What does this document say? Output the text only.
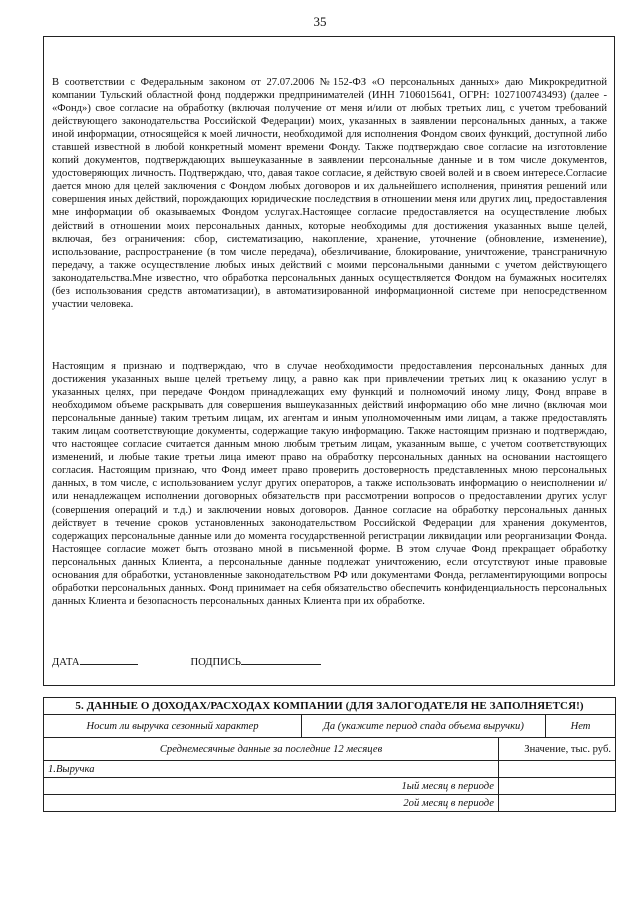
35

В соответствии с Федеральным законом от 27.07.2006 №152-ФЗ «О персональных данных» даю Микрокредитной компании Тульский областной фонд поддержки предпринимателей (ИНН 7106015641, ОГРН: 1027100743493) (далее - «Фонд») свое согласие на обработку (включая получение от меня и/или от любых третьих лиц, с учетом требований действующего законодательства Российской Федерации) моих, указанных в заявлении персональных данных, а также иной информации, относящейся к моей личности, необходимой для исполнения Фондом своих функций, доступной либо ставшей известной в любой конкретный момент времени Фонду. Также подтверждаю свое согласие на изготовление копий документов, подтверждающих вышеуказанные в заявлении персональные данные и в том числе документов, удостоверяющих личность. Подтверждаю, что, давая такое согласие, я действую своей волей и в своем интересе.Согласие дается мною для целей заключения с Фондом любых договоров и их дальнейшего исполнения, принятия решений или совершения иных действий, порождающих юридические последствия в отношении меня или других лиц, предоставления мне информации об оказываемых Фондом услугах.Настоящее согласие предоставляется на осуществление любых действий в отношении моих персональных данных, которые необходимы для достижения указанных выше целей, включая, без ограничения: сбор, систематизацию, накопление, хранение, уточнение (обновление, изменение), использование, распространение (в том числе передача), обезличивание, блокирование, уничтожение, трансграничную передачу, а также осуществление любых иных действий с моими персональными данными с учетом действующего законодательства.Мне известно, что обработка персональных данных осуществляется Фондом на бумажных носителях (без использования средств автоматизации), в автоматизированной информационной системе при непосредственном участии человека.

Настоящим я признаю и подтверждаю, что в случае необходимости предоставления персональных данных для достижения указанных выше целей третьему лицу, а равно как при привлечении третьих лиц к оказанию услуг в указанных целях, при передаче Фондом принадлежащих ему функций и полномочий иному лицу, Фонд вправе в необходимом объеме раскрывать для совершения вышеуказанных действий информацию обо мне лично (включая мои персональные данные) таким третьим лицам, их агентам и иным уполномоченным ими лицам, а также предоставлять таким лицам соответствующие документы, содержащие такую информацию. Также настоящим признаю и подтверждаю, что настоящее согласие считается данным мною любым третьим лицам, указанным выше, с учетом соответствующих изменений, и любые такие третьи лица имеют право на обработку персональных данных на основании настоящего согласия. Настоящим признаю, что Фонд имеет право проверить достоверность представленных мною персональных данных, в том числе, с использованием услуг других операторов, а также использовать информацию о неисполнении и/или ненадлежащем исполнении договорных обязательств при рассмотрении вопросов о предоставлении других услуг (совершения операций и т.д.) и заключении новых договоров. Данное согласие на обработку персональных данных действует в течение сроков установленных законодательством Российской Федерации для хранения документов, содержащих персональные данные или до момента государственной регистрации ликвидации или реорганизации Фонда. Настоящее согласие может быть отозвано мной в письменной форме. В этом случае Фонд прекращает обработку персональных данных Клиента, а персональные данные подлежат уничтожению, если отсутствуют иные правовые основания для обработки, установленные законодательством РФ или документами Фонда, регламентирующими вопросы обработки персональных данных. Фонд принимает на себя обязательство обеспечить конфиденциальность персональных данных Клиента и безопасность персональных данных Клиента при их обработке.

ДАТА	ПОДПИСЬ
5. ДАННЫЕ О ДОХОДАХ/РАСХОДАХ КОМПАНИИ (ДЛЯ ЗАЛОГОДАТЕЛЯ НЕ ЗАПОЛНЯЕТСЯ!)			
Носит ли выручка сезонный характер	Да (укажите период спада объема выручки)		Нет
Среднемесячные данные за последние 12 месяцев		Значение, тыс. руб.	
1.Выручка			
1ый месяц в периоде			
2ой месяц в периоде			
